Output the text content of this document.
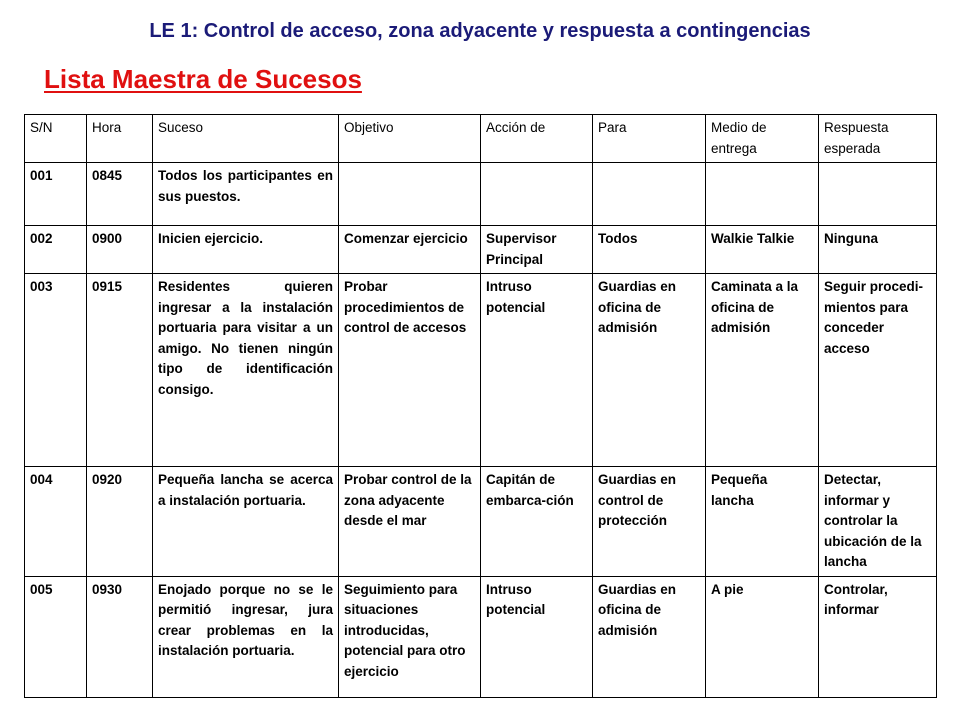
LE 1: Control de acceso, zona adyacente y respuesta a contingencias
Lista Maestra de Sucesos
S/N	Hora	Suceso	Objetivo	Acción de	Para	Medio de entrega	Respuesta esperada
001	0845	Todos los participantes en sus puestos.					
002	0900	Inicien ejercicio.	Comenzar ejercicio	Supervisor Principal	Todos	Walkie Talkie	Ninguna
003	0915	Residentes quieren ingresar a la instalación portuaria para visitar a un amigo. No tienen ningún tipo de identificación consigo.	Probar procedimientos de control de accesos	Intruso potencial	Guardias en oficina de admisión	Caminata a la oficina de admisión	Seguir procedi-mientos para conceder acceso
004	0920	Pequeña lancha se acerca a instalación portuaria.	Probar control de la zona adyacente desde el mar	Capitán de embarca-ción	Guardias en control de protección	Pequeña lancha	Detectar, informar y controlar la ubicación de la lancha
005	0930	Enojado porque no se le permitió ingresar, jura crear problemas en la instalación portuaria.	Seguimiento para situaciones introducidas, potencial para otro ejercicio	Intruso potencial	Guardias en oficina de admisión	A pie	Controlar, informar
